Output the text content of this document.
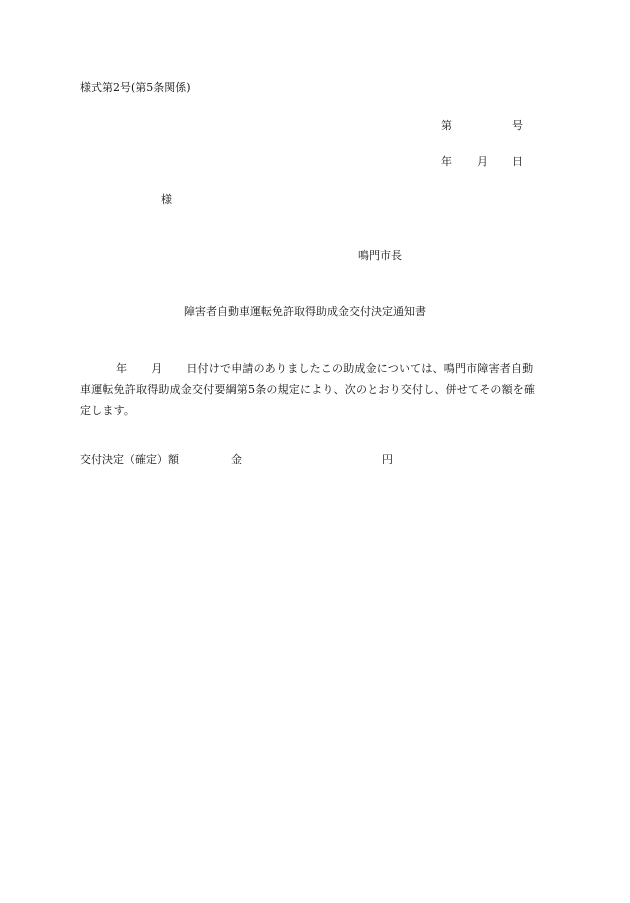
様式第2号(第5条関係)
第	号
年 月 日
様
鳴門市長
障害者自動車運転免許取得助成金交付決定通知書
年 月 日付けで申請のありましたこの助成金については、鳴門市障害者自動
車運転免許取得助成金交付要綱第5条の規定により、次のとおり交付し、併せてその額を確
定します。
交付決定（確定）額	金	円
